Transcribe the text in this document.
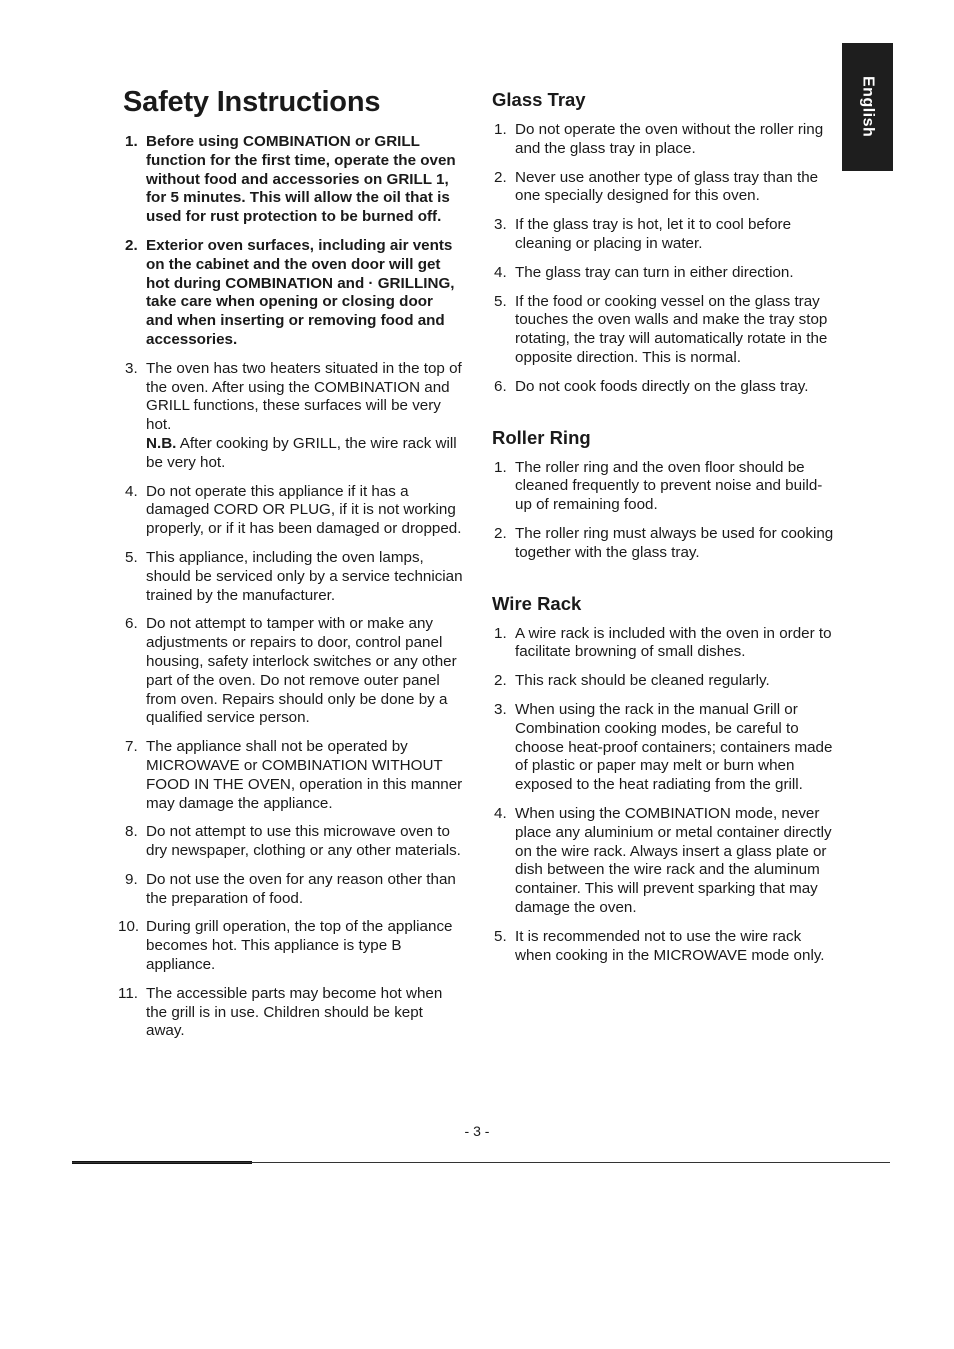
Safety Instructions	English
1. Before using COMBINATION or GRILL function for the first time, operate the oven without food and accessories on GRILL 1, for 5 minutes. This will allow the oil that is used for rust protection to be burned off.
2. Exterior oven surfaces, including air vents on the cabinet and the oven door will get hot during COMBINATION and · GRILLING, take care when opening or closing door and when inserting or removing food and accessories.
3. The oven has two heaters situated in the top of the oven. After using the COMBINATION and GRILL functions, these surfaces will be very hot.
N.B. After cooking by GRILL, the wire rack will be very hot.
4. Do not operate this appliance if it has a damaged CORD OR PLUG, if it is not working properly, or if it has been damaged or dropped.
5. This appliance, including the oven lamps, should be serviced only by a service technician trained by the manufacturer.
6. Do not attempt to tamper with or make any adjustments or repairs to door, control panel housing, safety interlock switches or any other part of the oven. Do not remove outer panel from oven. Repairs should only be done by a qualified service person.
7. The appliance shall not be operated by MICROWAVE or COMBINATION WITHOUT FOOD IN THE OVEN, operation in this manner may damage the appliance.
8. Do not attempt to use this microwave oven to dry newspaper, clothing or any other materials.
9. Do not use the oven for any reason other than the preparation of food.
10. During grill operation, the top of the appliance becomes hot. This appliance is type B appliance.
11. The accessible parts may become hot when the grill is in use. Children should be kept away.
Glass Tray
1. Do not operate the oven without the roller ring and the glass tray in place.
2. Never use another type of glass tray than the one specially designed for this oven.
3. If the glass tray is hot, let it to cool before cleaning or placing in water.
4. The glass tray can turn in either direction.
5. If the food or cooking vessel on the glass tray touches the oven walls and make the tray stop rotating, the tray will automatically rotate in the opposite direction. This is normal.
6. Do not cook foods directly on the glass tray.
Roller Ring
1. The roller ring and the oven floor should be cleaned frequently to prevent noise and build-up of remaining food.
2. The roller ring must always be used for cooking together with the glass tray.
Wire Rack
1. A wire rack is included with the oven in order to facilitate browning of small dishes.
2. This rack should be cleaned regularly.
3. When using the rack in the manual Grill or Combination cooking modes, be careful to choose heat-proof containers; containers made of plastic or paper may melt or burn when exposed to the heat radiating from the grill.
4. When using the COMBINATION mode, never place any aluminium or metal container directly on the wire rack. Always insert a glass plate or dish between the wire rack and the aluminum container. This will prevent sparking that may damage the oven.
5. It is recommended not to use the wire rack when cooking in the MICROWAVE mode only.
- 3 -
